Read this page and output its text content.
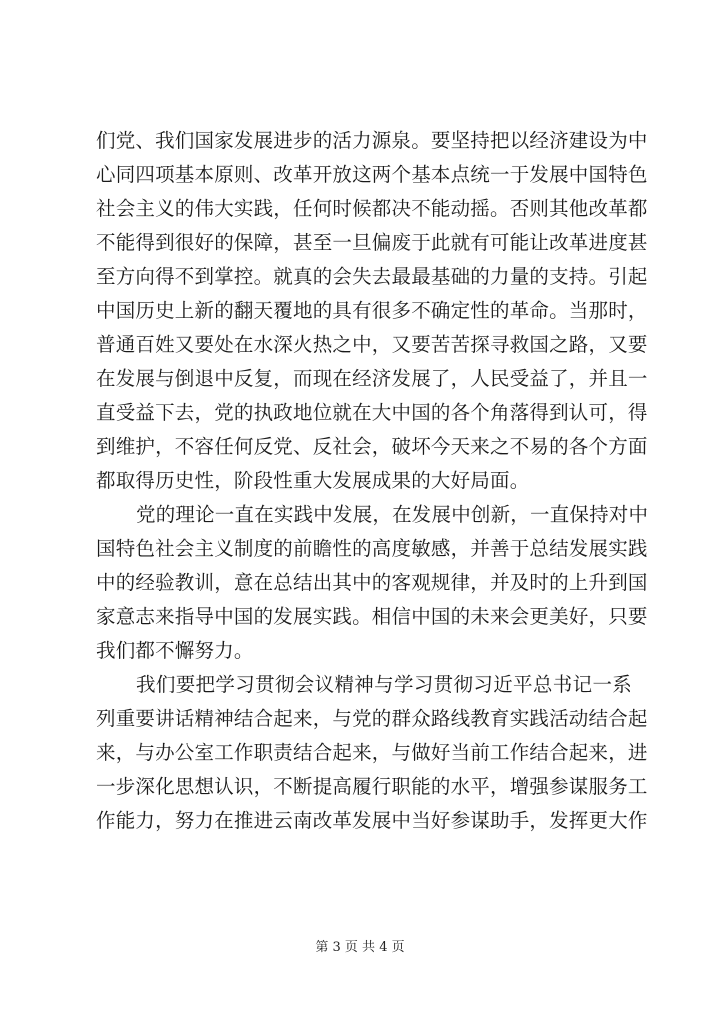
们党、我们国家发展进步的活力源泉。要坚持把以经济建设为中
心同四项基本原则、改革开放这两个基本点统一于发展中国特色
社会主义的伟大实践，任何时候都决不能动摇。否则其他改革都
不能得到很好的保障，甚至一旦偏废于此就有可能让改革进度甚
至方向得不到掌控。就真的会失去最最基础的力量的支持。引起
中国历史上新的翻天覆地的具有很多不确定性的革命。当那时，
普通百姓又要处在水深火热之中，又要苦苦探寻救国之路，又要
在发展与倒退中反复，而现在经济发展了，人民受益了，并且一
直受益下去，党的执政地位就在大中国的各个角落得到认可，得
到维护，不容任何反党、反社会，破坏今天来之不易的各个方面
都取得历史性，阶段性重大发展成果的大好局面。
党的理论一直在实践中发展，在发展中创新，一直保持对中
国特色社会主义制度的前瞻性的高度敏感，并善于总结发展实践
中的经验教训，意在总结出其中的客观规律，并及时的上升到国
家意志来指导中国的发展实践。相信中国的未来会更美好，只要
我们都不懈努力。
我们要把学习贯彻会议精神与学习贯彻习近平总书记一系
列重要讲话精神结合起来，与党的群众路线教育实践活动结合起
来，与办公室工作职责结合起来，与做好当前工作结合起来，进
一步深化思想认识，不断提高履行职能的水平，增强参谋服务工
作能力，努力在推进云南改革发展中当好参谋助手，发挥更大作
第 3 页 共 4 页
